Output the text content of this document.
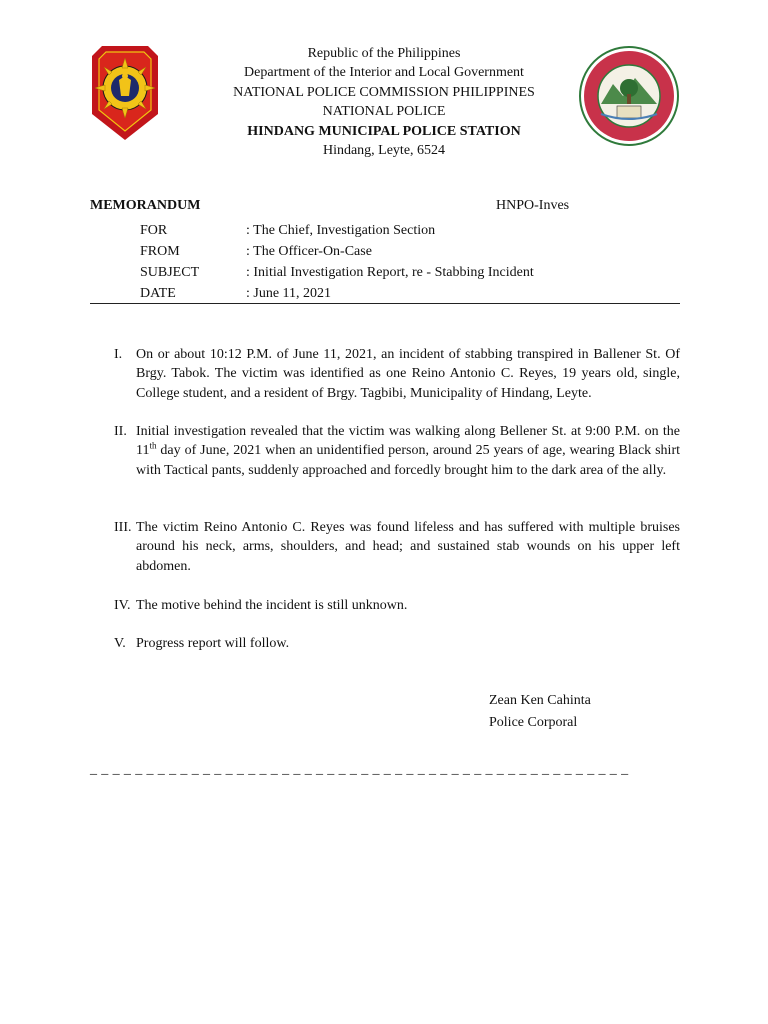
Republic of the Philippines
Department of the Interior and Local Government
NATIONAL POLICE COMMISSION PHILIPPINES
NATIONAL POLICE
HINDANG MUNICIPAL POLICE STATION
Hindang, Leyte, 6524
MEMORANDUM	HNPO-Inves
FOR	: The Chief, Investigation Section
FROM	: The Officer-On-Case
SUBJECT	: Initial Investigation Report, re - Stabbing Incident
DATE	: June 11, 2021
I. On or about 10:12 P.M. of June 11, 2021, an incident of stabbing transpired in Ballener St. Of Brgy. Tabok. The victim was identified as one Reino Antonio C. Reyes, 19 years old, single, College student, and a resident of Brgy. Tagbibi, Municipality of Hindang, Leyte.
II. Initial investigation revealed that the victim was walking along Bellener St. at 9:00 P.M. on the 11th day of June, 2021 when an unidentified person, around 25 years of age, wearing Black shirt with Tactical pants, suddenly approached and forcedly brought him to the dark area of the ally.
III. The victim Reino Antonio C. Reyes was found lifeless and has suffered with multiple bruises around his neck, arms, shoulders, and head; and sustained stab wounds on his upper left abdomen.
IV. The motive behind the incident is still unknown.
V. Progress report will follow.
Zean Ken Cahinta
Police Corporal
_ _ _ _ _ _ _ _ _ _ _ _ _ _ _ _ _ _ _ _ _ _ _ _ _ _ _ _ _ _ _ _ _ _ _ _ _ _ _ _ _ _ _ _ _ _ _ _
